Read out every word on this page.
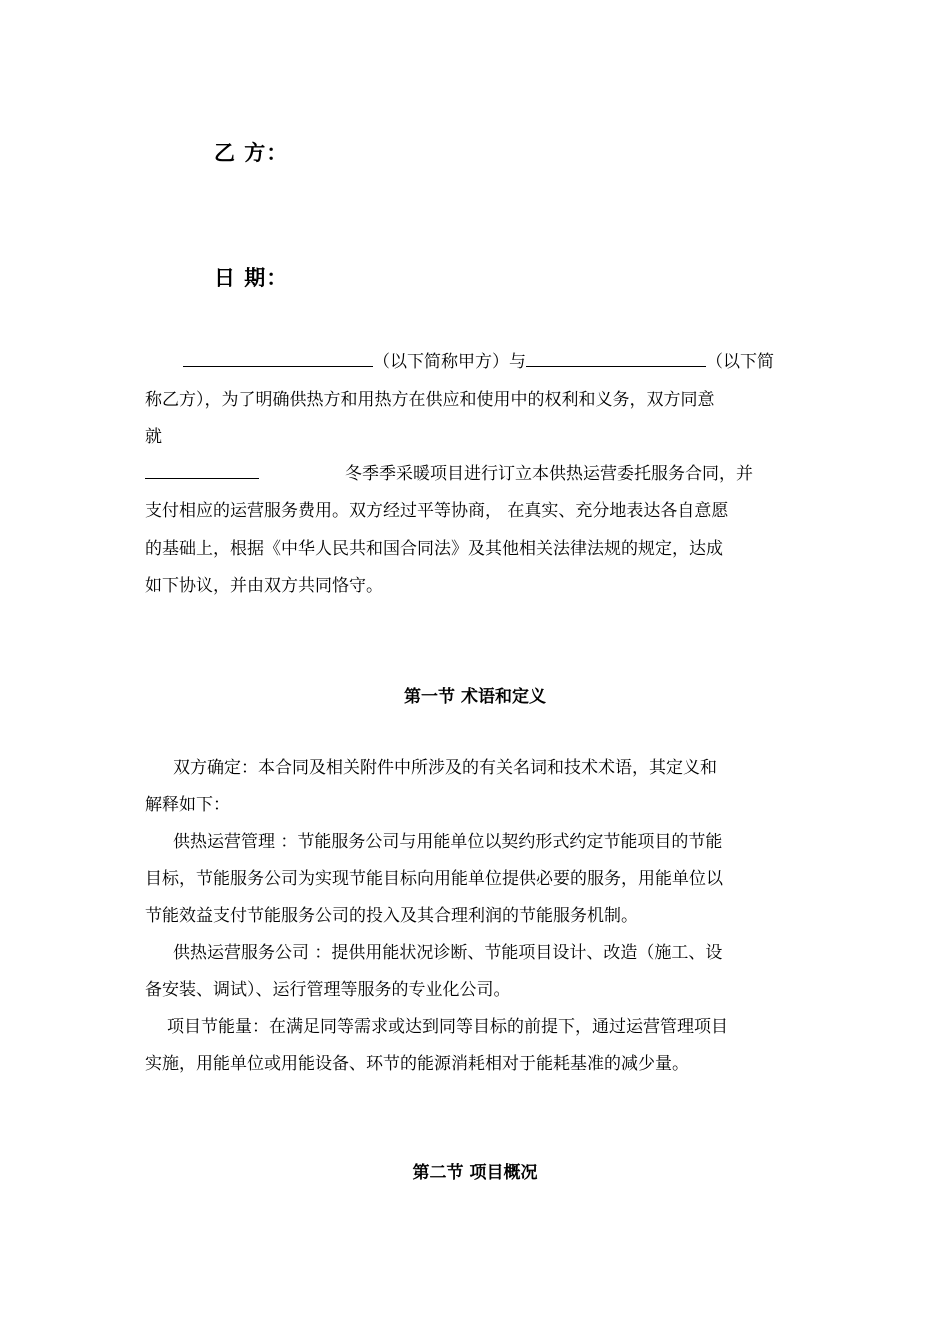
乙 方：
日 期：
（以下简称甲方）与	（以下简
称乙方），为了明确供热方和用热方在供应和使用中的权利和义务，双方同意
就
冬季季采暖项目进行订立本供热运营委托服务合同，并
支付相应的运营服务费用。双方经过平等协商， 在真实、充分地表达各自意愿
的基础上，根据《中华人民共和国合同法》及其他相关法律法规的规定，达成
如下协议，并由双方共同恪守。
第一节 术语和定义
双方确定：本合同及相关附件中所涉及的有关名词和技术术语，其定义和
解释如下：
供热运营管理 ：节能服务公司与用能单位以契约形式约定节能项目的节能
目标，节能服务公司为实现节能目标向用能单位提供必要的服务，用能单位以
节能效益支付节能服务公司的投入及其合理利润的节能服务机制。
供热运营服务公司 ：提供用能状况诊断、节能项目设计、改造（施工、设
备安装、调试）、运行管理等服务的专业化公司。
项目节能量：在满足同等需求或达到同等目标的前提下，通过运营管理项目
实施，用能单位或用能设备、环节的能源消耗相对于能耗基准的减少量。
第二节 项目概况
